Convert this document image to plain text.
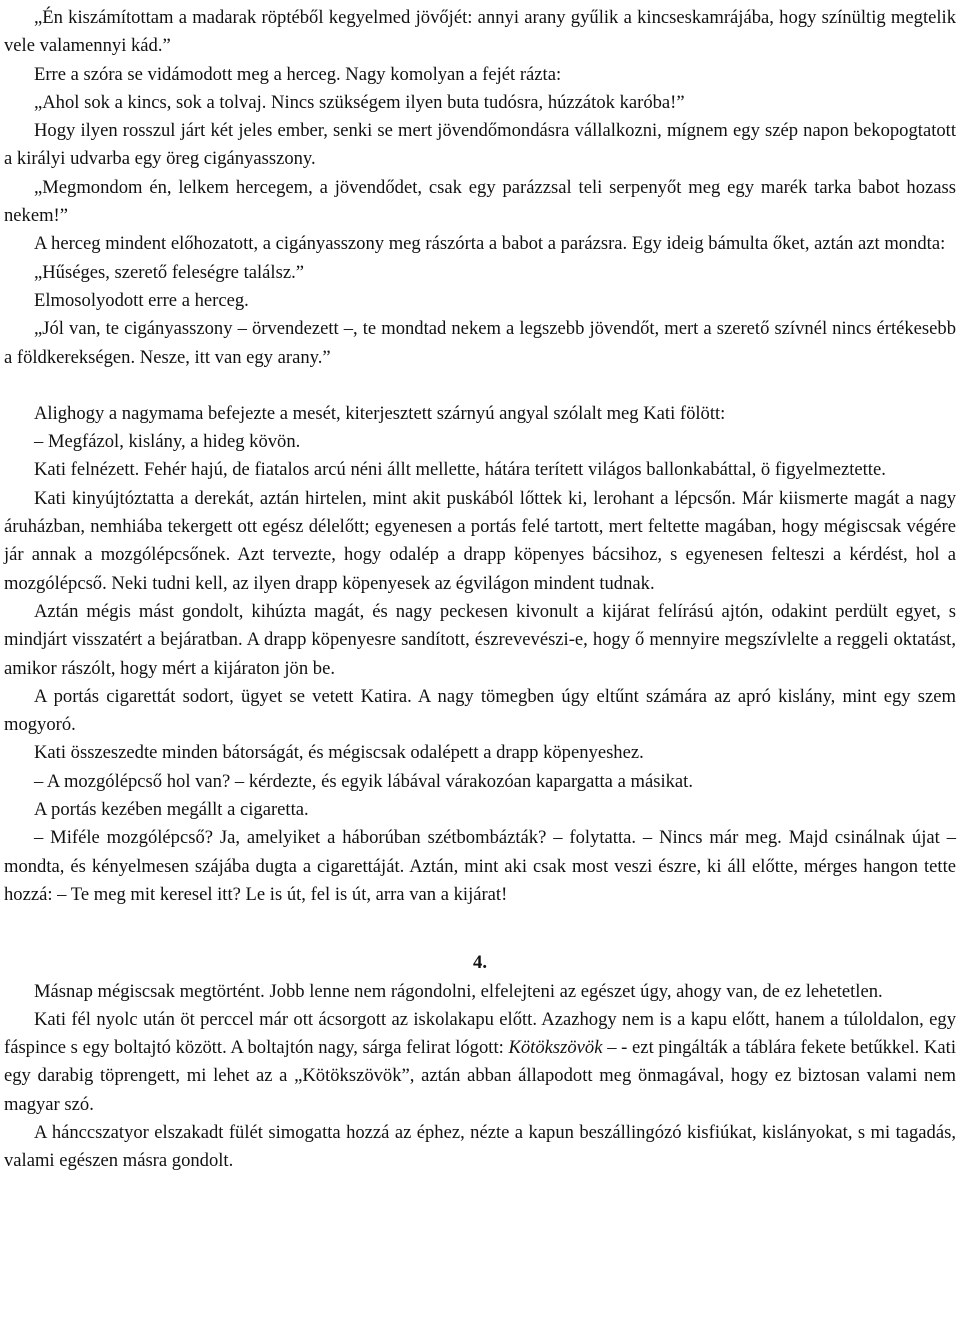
„Én kiszámítottam a madarak röptéből kegyelmed jövőjét: annyi arany gyűlik a kincseskamrájába, hogy színültig megtelik vele valamennyi kád.”

Erre a szóra se vidámodott meg a herceg. Nagy komolyan a fejét rázta:

„Ahol sok a kincs, sok a tolvaj. Nincs szükségem ilyen buta tudósra, húzzátok karóba!”

Hogy ilyen rosszul járt két jeles ember, senki se mert jövendőmondásra vállalkozni, mígnem egy szép napon bekopogtatott a királyi udvarba egy öreg cigányasszony.

„Megmondom én, lelkem hercegem, a jövendődet, csak egy parázzsal teli serpenyőt meg egy marék tarka babot hozass nekem!”

A herceg mindent előhozatott, a cigányasszony meg rászórta a babot a parázsra. Egy ideig bámulta őket, aztán azt mondta:

„Hűséges, szerető feleségre találsz.”

Elmosolyodott erre a herceg.

„Jól van, te cigányasszony – örvendezett –, te mondtad nekem a legszebb jövendőt, mert a szerető szívnél nincs értékesebb a földkerekségen. Nesze, itt van egy arany.”

Alighogy a nagymama befejezte a mesét, kiterjesztett szárnyú angyal szólalt meg Kati fölött:

– Megfázol, kislány, a hideg kövön.

Kati felnézett. Fehér hajú, de fiatalos arcú néni állt mellette, hátára terített világos ballonkabáttal, ö figyelmeztette.

Kati kinyújtóztatta a derekát, aztán hirtelen, mint akit puskából lőttek ki, lerohant a lépcsőn. Már kiismerte magát a nagy áruházban, nemhiába tekergett ott egész délelőtt; egyenesen a portás felé tartott, mert feltette magában, hogy mégiscsak végére jár annak a mozgólépcsőnek. Azt tervezte, hogy odalép a drapp köpenyes bácsihoz, s egyenesen felteszi a kérdést, hol a mozgólépcső. Neki tudni kell, az ilyen drapp köpenyesek az égvilágon mindent tudnak.

Aztán mégis mást gondolt, kihúzta magát, és nagy peckesen kivonult a kijárat felírású ajtón, odakint perdült egyet, s mindjárt visszatért a bejáratban. A drapp köpenyesre sandított, észrevevészi-e, hogy ő mennyire megszívlelte a reggeli oktatást, amikor rászólt, hogy mért a kijáraton jön be.

A portás cigarettát sodort, ügyet se vetett Katira. A nagy tömegben úgy eltűnt számára az apró kislány, mint egy szem mogyoró.

Kati összeszedte minden bátorságát, és mégiscsak odalépett a drapp köpenyeshez.

– A mozgólépcső hol van? – kérdezte, és egyik lábával várakozóan kapargatta a másikat.

A portás kezében megállt a cigaretta.

– Miféle mozgólépcső? Ja, amelyiket a háborúban szétbombázták? – folytatta. – Nincs már meg. Majd csinálnak újat – mondta, és kényelmesen szájába dugta a cigarettáját. Aztán, mint aki csak most veszi észre, ki áll előtte, mérges hangon tette hozzá: – Te meg mit keresel itt? Le is út, fel is út, arra van a kijárat!

4.

Másnap mégiscsak megtörtént. Jobb lenne nem rágondolni, elfelejteni az egészet úgy, ahogy van, de ez lehetetlen.

Kati fél nyolc után öt perccel már ott ácsorgott az iskolakapu előtt. Azazhogy nem is a kapu előtt, hanem a túloldalon, egy fáspince s egy boltajtó között. A boltajtón nagy, sárga felirat lógott: Kötökszövök – - ezt pingálták a táblára fekete betűkkel. Kati egy darabig töprengett, mi lehet az a „Kötökszövök”, aztán abban állapodott meg önmagával, hogy ez biztosan valami nem magyar szó.

A hánccszatyor elszakadt fülét simogatta hozzá az éphez, nézte a kapun beszállingózó kisfiúkat, kislányokat, s mi tagadás, valami egészen másra gondolt.
